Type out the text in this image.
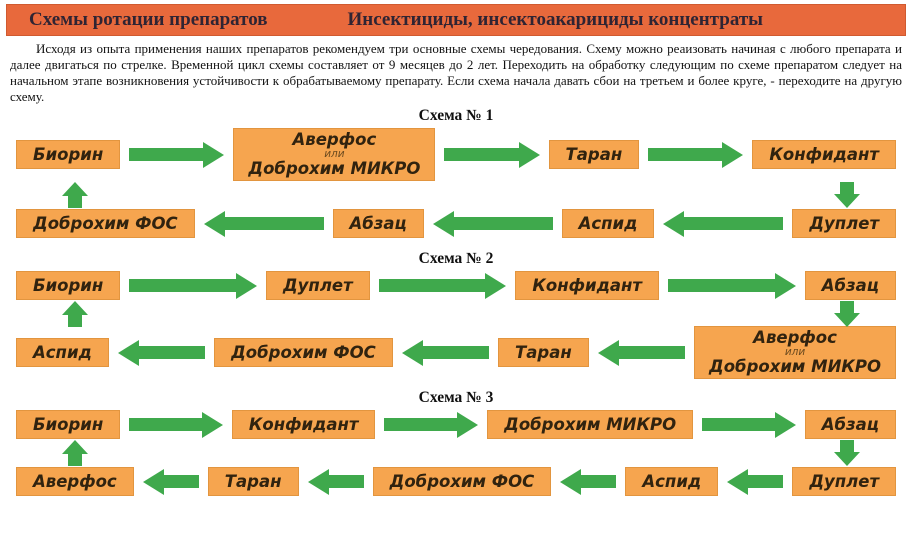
Схемы ротации препаратов	Инсектициды, инсектоакарициды концентраты

Исходя из опыта применения наших препаратов рекомендуем три основные схемы чередования. Схему можно реаизовать начиная с любого препарата и далее двигаться по стрелке. Временной цикл схемы составляет от 9 месяцев до 2 лет. Переходить на обработку следующим по схеме препаратом следует на начальном этапе возникновения устойчивости к обрабатываемому препарату. Если схема начала давать сбои на третьем и более круге, - переходите на другую схему.

Схема № 1
Биорин
Аверфос
или
Доброхим МИКРО
Таран	Конфидант
Доброхим ФОС	Абзац	Аспид	Дуплет
Схема № 2
Биорин	Дуплет	Конфидант	Абзац
Аспид	Доброхим ФОС	Таран
Аверфос
или
Доброхим МИКРО
Схема № 3
Биорин	Конфидант	Доброхим МИКРО	Абзац
Аверфос	Таран	Доброхим ФОС	Аспид	Дуплет
